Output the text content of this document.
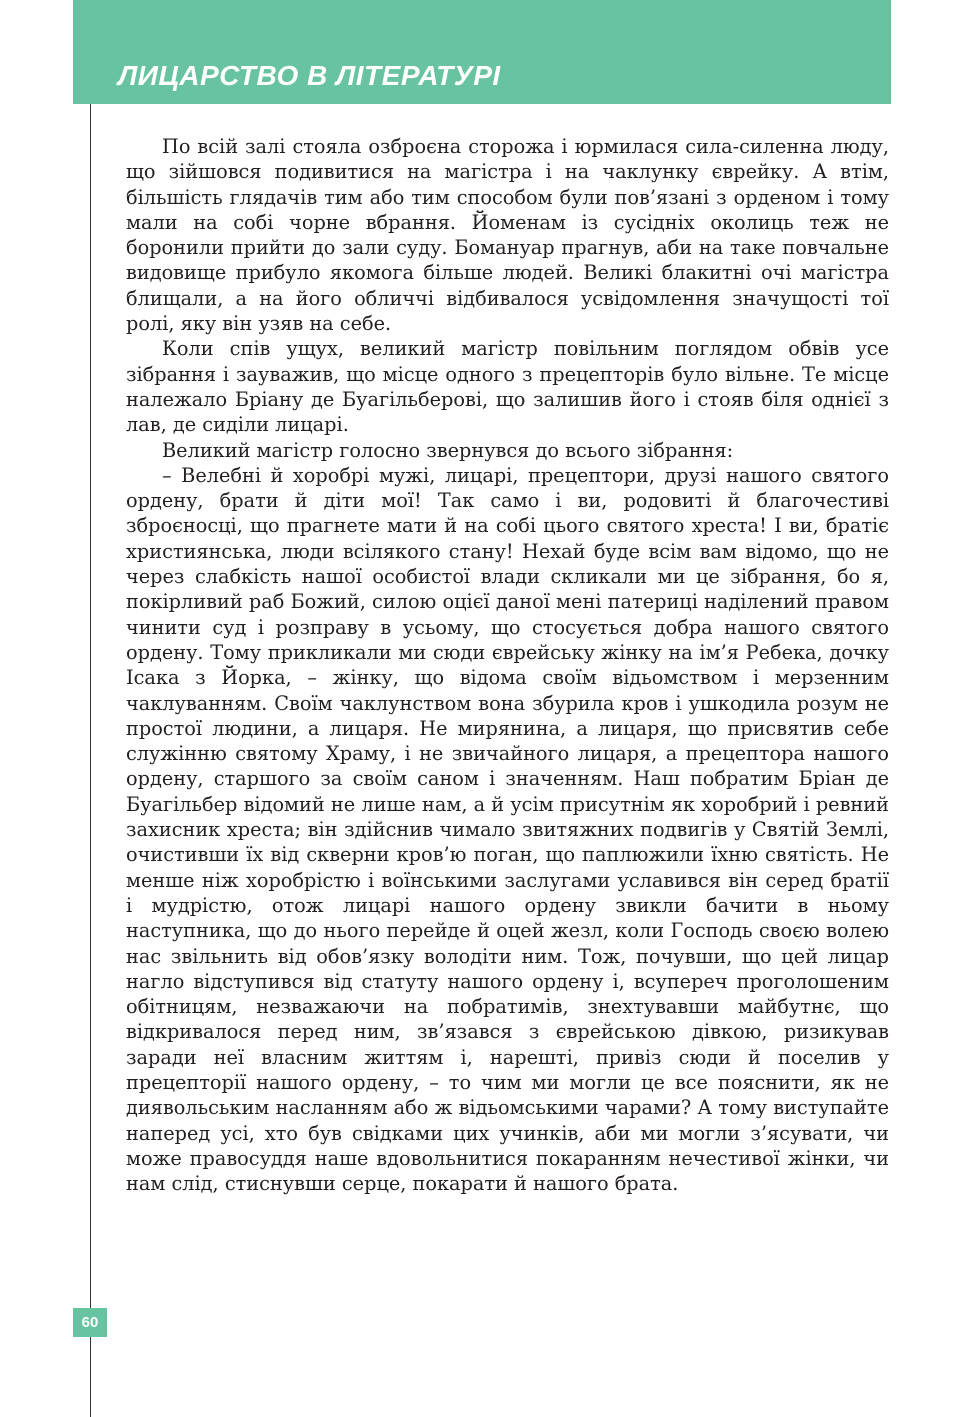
ЛИЦАРСТВО В ЛІТЕРАТУРІ

По всій залі стояла озброєна сторожа і юрмилася сила-силенна люду, що зійшовся подивитися на магістра і на чаклунку єврейку. А втім, більшість глядачів тим або тим способом були пов’язані з орденом і тому мали на собі чорне вбрання. Йоменам із сусідніх околиць теж не боронили прийти до зали суду. Бомануар прагнув, аби на таке повчальне видовище прибуло якомога більше людей. Великі блакитні очі магістра блищали, а на його обличчі відбивалося усвідомлення значущості тої ролі, яку він узяв на себе.

Коли спів ущух, великий магістр повільним поглядом обвів усе зібрання і зауважив, що місце одного з прецепторів було вільне. Те місце належало Бріану де Буагільберові, що залишив його і стояв біля однієї з лав, де сиділи лицарі.

Великий магістр голосно звернувся до всього зібрання:

– Велебні й хоробрі мужі, лицарі, прецептори, друзі нашого святого ордену, брати й діти мої! Так само і ви, родовиті й благочестиві зброєносці, що прагнете мати й на собі цього святого хреста! І ви, братіє християнська, люди всілякого стану! Нехай буде всім вам відомо, що не через слабкість нашої особистої влади скликали ми це зібрання, бо я, покірливий раб Божий, силою оцієї даної мені патериці наділений правом чинити суд і розправу в усьому, що стосується добра нашого святого ордену. Тому прикликали ми сюди єврейську жінку на ім’я Ребека, дочку Ісака з Йорка, – жінку, що відома своїм відьомством і мерзенним чаклуванням. Своїм чаклунством вона збурила кров і ушкодила розум не простої людини, а лицаря. Не мирянина, а лицаря, що присвятив себе служінню святому Храму, і не звичайного лицаря, а прецептора нашого ордену, старшого за своїм саном і значенням. Наш побратим Бріан де Буагільбер відомий не лише нам, а й усім присутнім як хоробрий і ревний захисник хреста; він здійснив чимало звитяжних подвигів у Святій Землі, очистивши їх від скверни кров’ю поган, що паплюжили їхню святість. Не менше ніж хоробрістю і воїнськими заслугами уславився він серед братії і мудрістю, отож лицарі нашого ордену звикли бачити в ньому наступника, що до нього перейде й оцей жезл, коли Господь своєю волею нас звільнить від обов’язку володіти ним. Тож, почувши, що цей лицар нагло відступився від статуту нашого ордену і, всупереч проголошеним обітницям, незважаючи на побратимів, знехтувавши майбутнє, що відкривалося перед ним, зв’язався з єврейською дівкою, ризикував заради неї власним життям і, нарешті, привіз сюди й поселив у прецепторії нашого ордену, – то чим ми могли це все пояснити, як не диявольським насланням або ж відьомськими чарами? А тому виступайте наперед усі, хто був свідками цих учинків, аби ми могли з’ясувати, чи може правосуддя наше вдовольнитися покаранням нечестивої жінки, чи нам слід, стиснувши серце, покарати й нашого брата.

60
